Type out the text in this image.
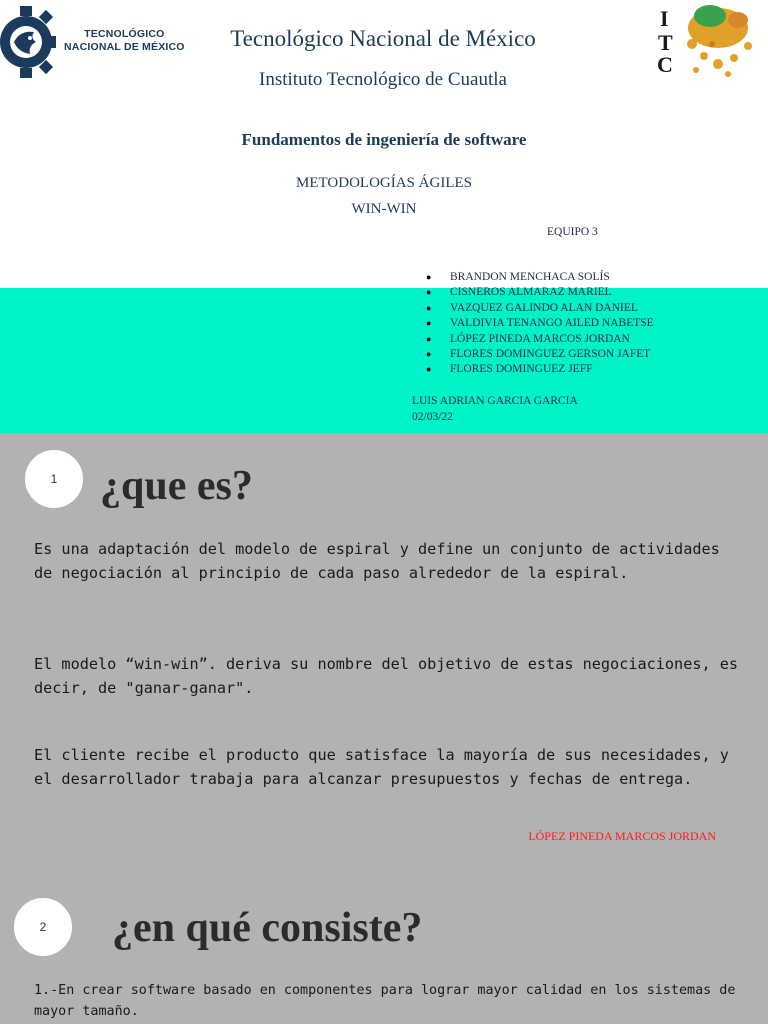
TECNOLÓGICO
NACIONAL DE MÉXICO
I
T
C
Tecnológico Nacional de México
Instituto Tecnológico de Cuautla
Fundamentos de ingeniería de software
METODOLOGÍAS ÁGILES
WIN-WIN
EQUIPO 3
● BRANDON MENCHACA SOLÍS
● CISNEROS ALMARAZ MARIEL
● VAZQUEZ GALINDO ALAN DANIEL
● VALDIVIA TENANGO AILED NABETSE
● LÓPEZ PINEDA MARCOS JORDAN
● FLORES DOMINGUEZ GERSON JAFET
● FLORES DOMINGUEZ JEFF
LUIS ADRIAN GARCIA GARCIA
02/03/22
1 ¿que es?
Es una adaptación del modelo de espiral y define un conjunto de actividades de negociación al principio de cada paso alrededor de la espiral.
El modelo “win-win”. deriva su nombre del objetivo de estas negociaciones, es decir, de "ganar-ganar".
El cliente recibe el producto que satisface la mayoría de sus necesidades, y el desarrollador trabaja para alcanzar presupuestos y fechas de entrega.
LÓPEZ PINEDA MARCOS JORDAN
2 ¿en qué consiste?
1.-En crear software basado en componentes para lograr mayor calidad en los sistemas de mayor tamaño.
